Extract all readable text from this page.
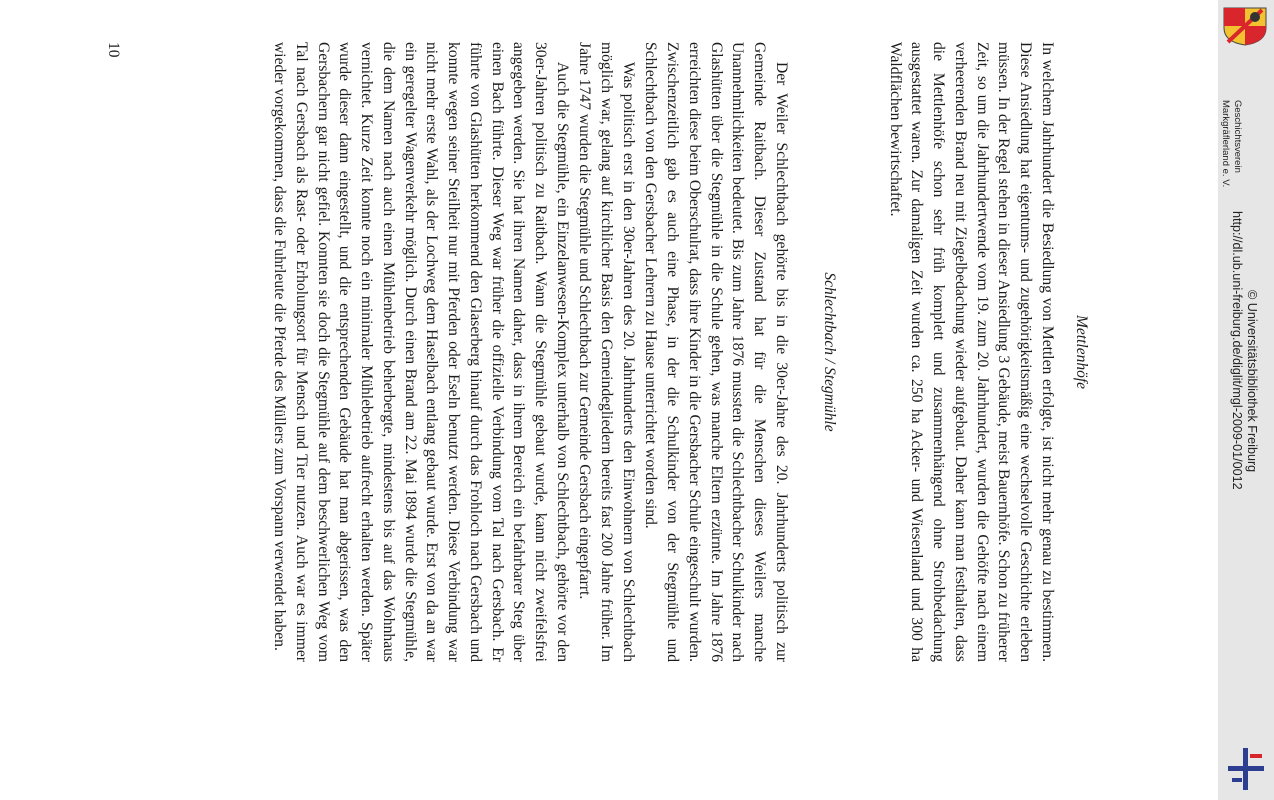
Mettlenhöfe

In welchem Jahrhundert die Besiedlung von Mettlen erfolgte, ist nicht mehr genau zu bestimmen. Diese Ansiedlung hat eigentums- und zugehörigkeitsmäßig eine wechselvolle Geschichte erleben müssen. In der Regel stehen in dieser Ansiedlung 3 Gebäude, meist Bauernhöfe. Schon zu früherer Zeit, so um die Jahrhundertwende vom 19. zum 20. Jahrhundert, wurden die Gehöfte nach einem verheerenden Brand neu mit Ziegelbedachung wieder aufgebaut. Daher kann man festhalten, dass die Mettlenhöfe schon sehr früh komplett und zusammenhängend ohne Strohbedachung ausgestattet waren. Zur damaligen Zeit wurden ca. 250 ha Acker- und Wiesenland und 300 ha Waldflächen bewirtschaftet.

Schlechtbach / Stegmühle

Der Weiler Schlechtbach gehörte bis in die 30er-Jahre des 20. Jahrhunderts politisch zur Gemeinde Raitbach. Dieser Zustand hat für die Menschen dieses Weilers manche Unannehmlichkeiten bedeutet. Bis zum Jahre 1876 mussten die Schlechtbacher Schulkinder nach Glashütten über die Stegmühle in die Schule gehen, was manche Eltern erzürnte. Im Jahre 1876 erreichten diese beim Oberschulrat, dass ihre Kinder in die Gersbacher Schule eingeschult wurden. Zwischenzeitlich gab es auch eine Phase, in der die Schulkinder von der Stegmühle und Schlechtbach von den Gersbacher Lehrern zu Hause unterrichtet worden sind.

Was politisch erst in den 30er-Jahren des 20. Jahrhunderts den Einwohnern von Schlechtbach möglich war, gelang auf kirchlicher Basis den Gemeindegliedern bereits fast 200 Jahre früher. Im Jahre 1747 wurden die Stegmühle und Schlechtbach zur Gemeinde Gersbach eingepfarrt.

Auch die Stegmühle, ein Einzelanwesen-Komplex unterhalb von Schlechtbach, gehörte vor den 30er-Jahren politisch zu Raitbach. Wann die Stegmühle gebaut wurde, kann nicht zweifelsfrei angegeben werden. Sie hat ihren Namen daher, dass in ihrem Bereich ein befahrbarer Steg über einen Bach führte. Dieser Weg war früher die offizielle Verbindung vom Tal nach Gersbach. Er führte von Glashütten herkommend den Glaserberg hinauf durch das Frohloch nach Gersbach und konnte wegen seiner Steilheit nur mit Pferden oder Eseln benutzt werden. Diese Verbindung war nicht mehr erste Wahl, als der Lochweg dem Haselbach entlang gebaut wurde. Erst von da an war ein geregelter Wagenverkehr möglich. Durch einen Brand am 22. Mai 1894 wurde die Stegmühle, die dem Namen nach auch einen Mühlenbetrieb beherbergte, mindestens bis auf das Wohnhaus vernichtet. Kurze Zeit konnte noch ein minimaler Mühlebetrieb aufrecht erhalten werden. Später wurde dieser dann eingestellt, und die entsprechenden Gebäude hat man abgerissen, was den Gersbachern gar nicht gefiel. Konnten sie doch die Stegmühle auf dem beschwerlichen Weg vom Tal nach Gersbach als Rast- oder Erholungsort für Mensch und Tier nutzen. Auch war es immer wieder vorgekommen, dass die Fuhrleute die Pferde des Müllers zum Vorspann verwendet haben.

10
Geschichtsverein
Markgräflerland e. V.
http://dl.ub.uni-freiburg.de/diglit/mgl-2009-01/0012 © Universitätsbibliothek Freiburg
